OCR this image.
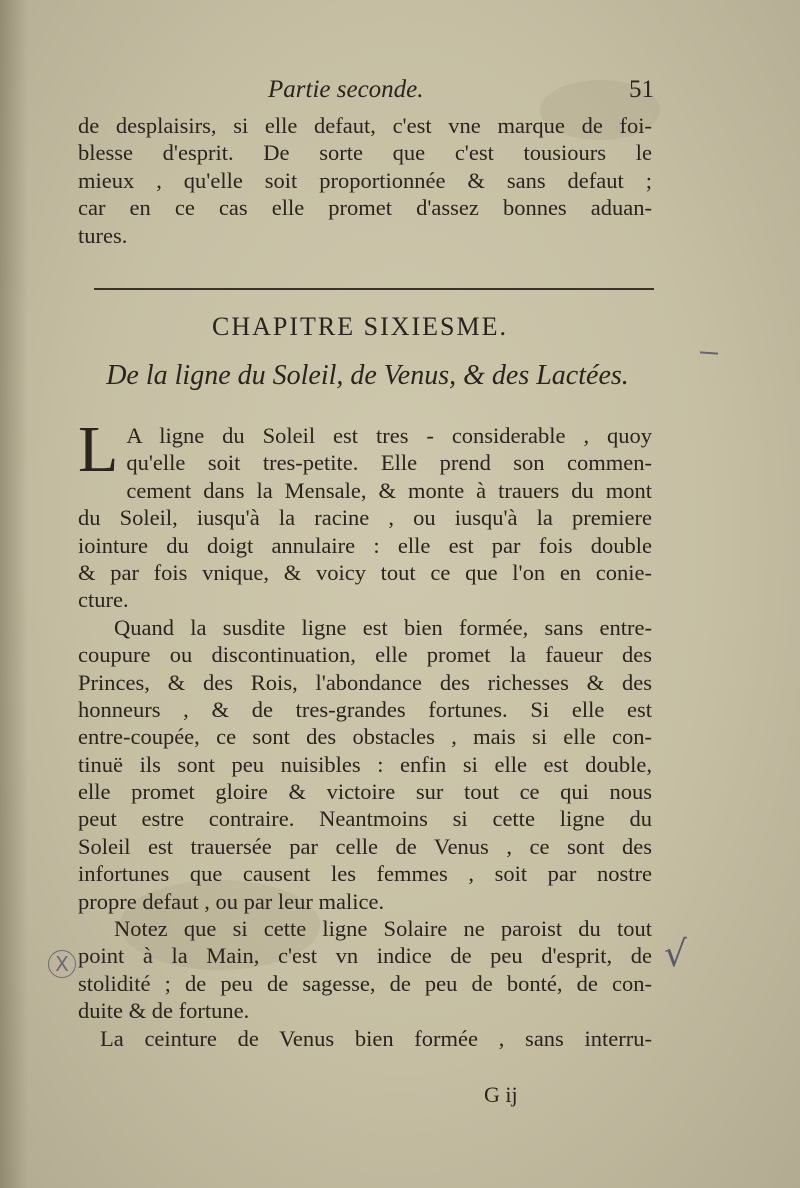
Partie seconde.	51
de desplaisirs, si elle defaut, c'est vne marque de foi-
blesse d'esprit. De sorte que c'est tousiours le
mieux , qu'elle soit proportionnée & sans defaut ;
car en ce cas elle promet d'assez bonnes aduan-
tures.
CHAPITRE SIXIESME.
De la ligne du Soleil, de Venus, & des Lactées.
L A ligne du Soleil est tres - considerable , quoy
qu'elle soit tres-petite. Elle prend son commen-
cement dans la Mensale, & monte à trauers du mont
du Soleil, iusqu'à la racine , ou iusqu'à la premiere
iointure du doigt annulaire : elle est par fois double
& par fois vnique, & voicy tout ce que l'on en conie-
cture.
Quand la susdite ligne est bien formée, sans entre-
coupure ou discontinuation, elle promet la faueur des
Princes, & des Rois, l'abondance des richesses & des
honneurs , & de tres-grandes fortunes. Si elle est
entre-coupée, ce sont des obstacles , mais si elle con-
tinuë ils sont peu nuisibles : enfin si elle est double,
elle promet gloire & victoire sur tout ce qui nous
peut estre contraire. Neantmoins si cette ligne du
Soleil est trauersée par celle de Venus , ce sont des
infortunes que causent les femmes , soit par nostre
propre defaut , ou par leur malice.
Notez que si cette ligne Solaire ne paroist du tout
point à la Main, c'est vn indice de peu d'esprit, de
stolidité ; de peu de sagesse, de peu de bonté, de con-
duite & de fortune.
La ceinture de Venus bien formée , sans interru-
G ij
√
X
